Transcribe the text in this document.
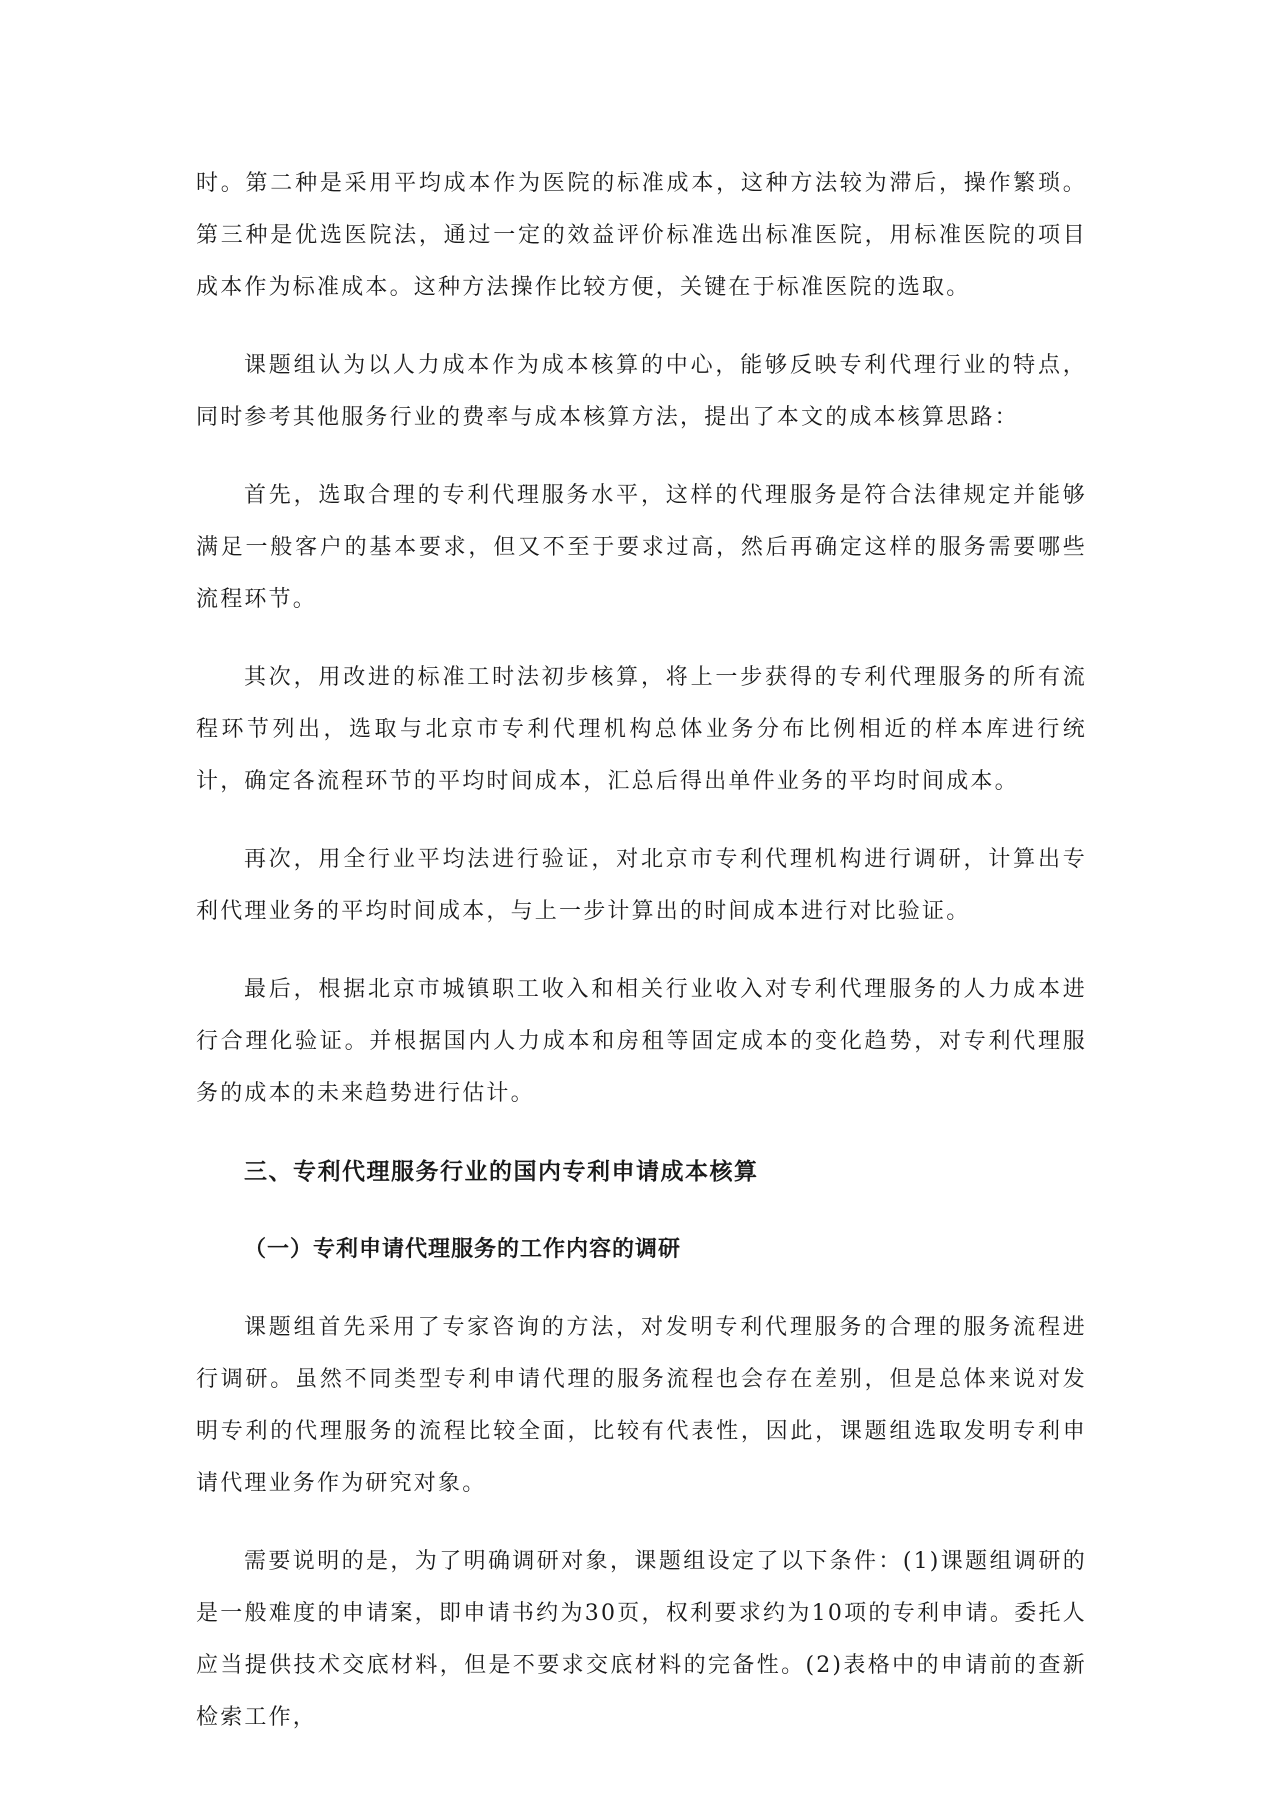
时。第二种是采用平均成本作为医院的标准成本，这种方法较为滞后，操作繁琐。第三种是优选医院法，通过一定的效益评价标准选出标准医院，用标准医院的项目成本作为标准成本。这种方法操作比较方便，关键在于标准医院的选取。

课题组认为以人力成本作为成本核算的中心，能够反映专利代理行业的特点，同时参考其他服务行业的费率与成本核算方法，提出了本文的成本核算思路：

首先，选取合理的专利代理服务水平，这样的代理服务是符合法律规定并能够满足一般客户的基本要求，但又不至于要求过高，然后再确定这样的服务需要哪些流程环节。

其次，用改进的标准工时法初步核算，将上一步获得的专利代理服务的所有流程环节列出，选取与北京市专利代理机构总体业务分布比例相近的样本库进行统计，确定各流程环节的平均时间成本，汇总后得出单件业务的平均时间成本。

再次，用全行业平均法进行验证，对北京市专利代理机构进行调研，计算出专利代理业务的平均时间成本，与上一步计算出的时间成本进行对比验证。

最后，根据北京市城镇职工收入和相关行业收入对专利代理服务的人力成本进行合理化验证。并根据国内人力成本和房租等固定成本的变化趋势，对专利代理服务的成本的未来趋势进行估计。

三、专利代理服务行业的国内专利申请成本核算
（一）专利申请代理服务的工作内容的调研

课题组首先采用了专家咨询的方法，对发明专利代理服务的合理的服务流程进行调研。虽然不同类型专利申请代理的服务流程也会存在差别，但是总体来说对发明专利的代理服务的流程比较全面，比较有代表性，因此，课题组选取发明专利申请代理业务作为研究对象。

需要说明的是，为了明确调研对象，课题组设定了以下条件：(1)课题组调研的是一般难度的申请案，即申请书约为30页，权利要求约为10项的专利申请。委托人应当提供技术交底材料，但是不要求交底材料的完备性。(2)表格中的申请前的查新检索工作，
